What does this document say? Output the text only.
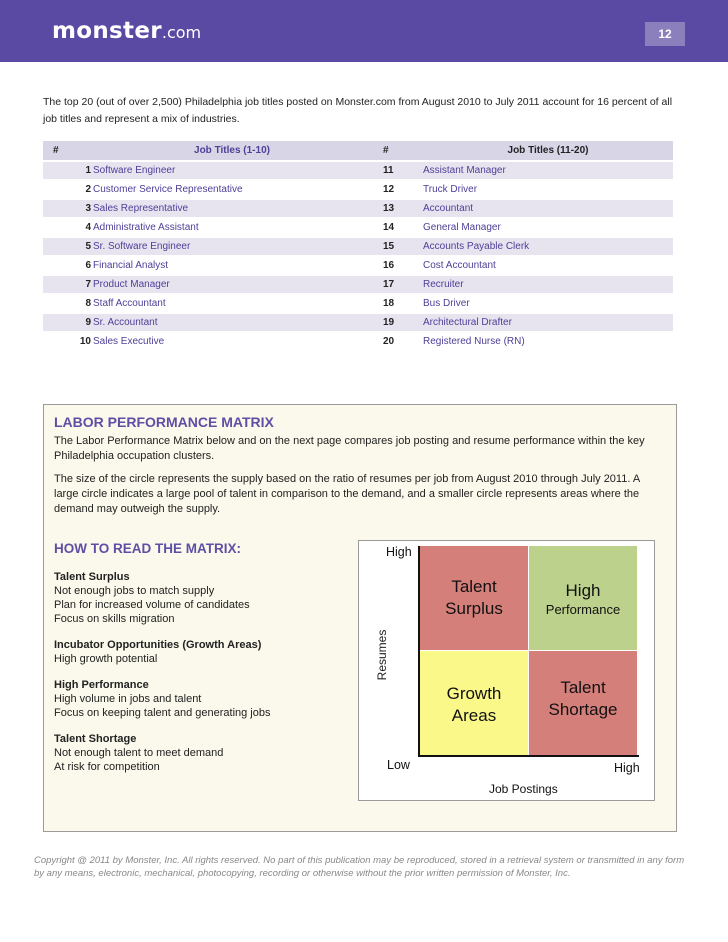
monster.com	12
The top 20 (out of over 2,500) Philadelphia job titles posted on Monster.com from August 2010 to July 2011 account for 16 percent of all job titles and represent a mix of industries.
#	Job Titles (1-10)		#	Job Titles (11-20)
1	Software Engineer		11	Assistant Manager
2	Customer Service Representative		12	Truck Driver
3	Sales Representative		13	Accountant
4	Administrative Assistant		14	General Manager
5	Sr. Software Engineer		15	Accounts Payable Clerk
6	Financial Analyst		16	Cost Accountant
7	Product Manager		17	Recruiter
8	Staff Accountant		18	Bus Driver
9	Sr. Accountant		19	Architectural Drafter
10	Sales Executive		20	Registered Nurse (RN)
LABOR PERFORMANCE MATRIX
The Labor Performance Matrix below and on the next page compares job posting and resume performance within the key Philadelphia occupation clusters.
The size of the circle represents the supply based on the ratio of resumes per job from August 2010 through July 2011. A large circle indicates a large pool of talent in comparison to the demand, and a smaller circle represents areas where the demand may outweigh the supply.
HOW TO READ THE MATRIX:
Talent Surplus
Not enough jobs to match supply
Plan for increased volume of candidates
Focus on skills migration
Incubator Opportunities (Growth Areas)
High growth potential
High Performance
High volume in jobs and talent
Focus on keeping talent and generating jobs
Talent Shortage
Not enough talent to meet demand
At risk for competition
Talent
Surplus
High
Performance
Growth
Areas
Talent
Shortage
High
Low	High
Job Postings
Resumes
Copyright @ 2011 by Monster, Inc. All rights reserved. No part of this publication may be reproduced, stored in a retrieval system or transmitted in any form by any means, electronic, mechanical, photocopying, recording or otherwise without the prior written permission of Monster, Inc.
